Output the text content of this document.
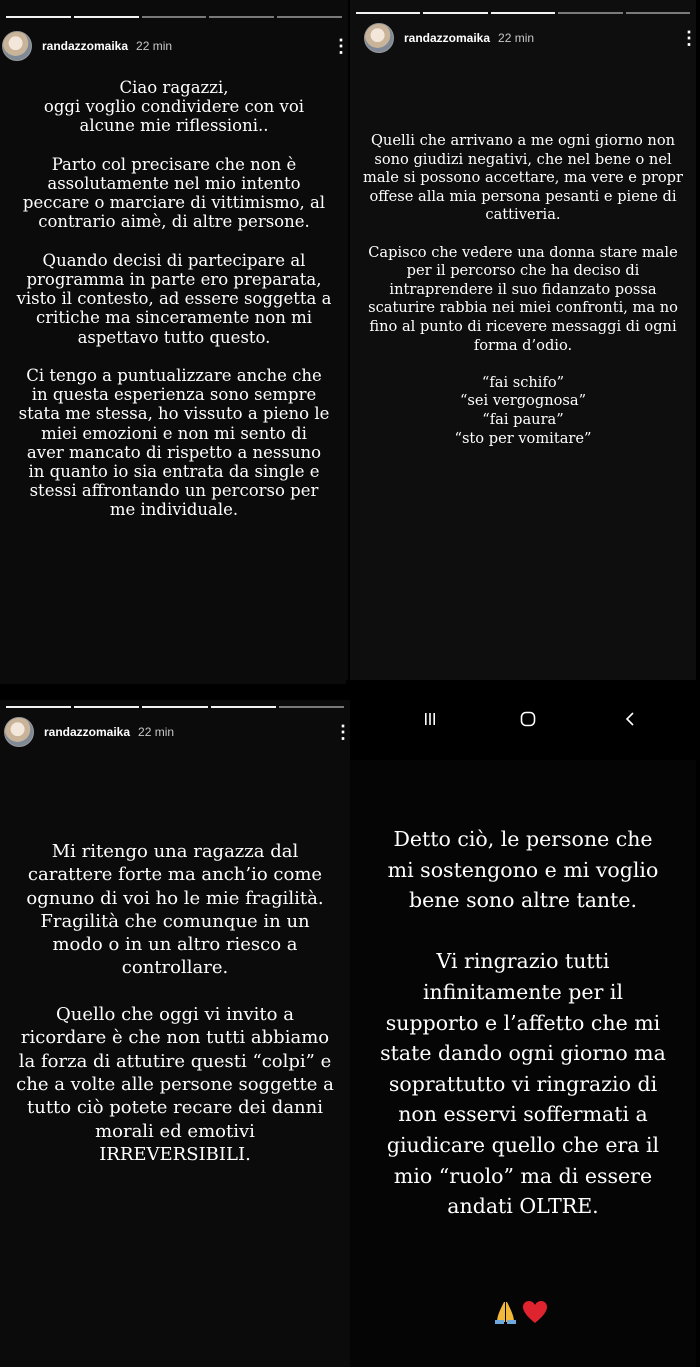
randazzomaika 22 min	⋮
Ciao ragazzi,
oggi voglio condividere con voi
alcune mie riflessioni..

Parto col precisare che non è
assolutamente nel mio intento
peccare o marciare di vittimismo, al
contrario aimè, di altre persone.

Quando decisi di partecipare al
programma in parte ero preparata,
visto il contesto, ad essere soggetta a
critiche ma sinceramente non mi
aspettavo tutto questo.

Ci tengo a puntualizzare anche che
in questa esperienza sono sempre
stata me stessa, ho vissuto a pieno le
miei emozioni e non mi sento di
aver mancato di rispetto a nessuno
in quanto io sia entrata da single e
stessi affrontando un percorso per
me individuale.
randazzomaika 22 min	⋮
Quelli che arrivano a me ogni giorno non
sono giudizi negativi, che nel bene o nel
male si possono accettare, ma vere e propr
offese alla mia persona pesanti e piene di
cattiveria.

Capisco che vedere una donna stare male
per il percorso che ha deciso di
intraprendere il suo fidanzato possa
scaturire rabbia nei miei confronti, ma no
fino al punto di ricevere messaggi di ogni
forma d’odio.

“fai schifo”
“sei vergognosa”
“fai paura”
“sto per vomitare”
randazzomaika 22 min	⋮
Mi ritengo una ragazza dal
carattere forte ma anch’io come
ognuno di voi ho le mie fragilità.
Fragilità che comunque in un
modo o in un altro riesco a
controllare.

Quello che oggi vi invito a
ricordare è che non tutti abbiamo
la forza di attutire questi “colpi” e
che a volte alle persone soggette a
tutto ciò potete recare dei danni
morali ed emotivi
IRREVERSIBILI.
Detto ciò, le persone che
mi sostengono e mi voglio
bene sono altre tante.

Vi ringrazio tutti
infinitamente per il
supporto e l’affetto che mi
state dando ogni giorno ma
soprattutto vi ringrazio di
non esservi soffermati a
giudicare quello che era il
mio “ruolo” ma di essere
andati OLTRE.
